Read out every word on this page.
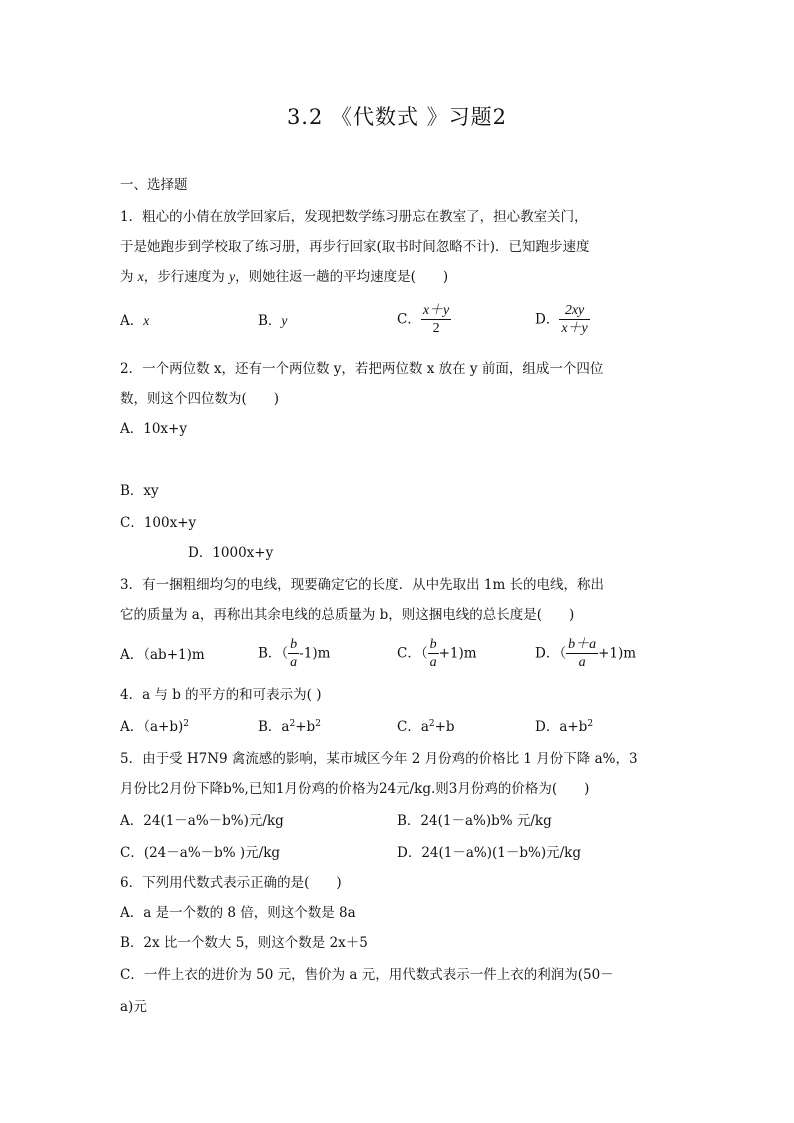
3.2 《代数式 》习题2
一、选择题
1．粗心的小倩在放学回家后，发现把数学练习册忘在教室了，担心教室关门，
于是她跑步到学校取了练习册，再步行回家(取书时间忽略不计)．已知跑步速度
为 x，步行速度为 y，则她往返一趟的平均速度是(　　)
A．x	B．y	C． $\frac{x+y}{2}$	D． $\frac{2xy}{x+y}$
2．一个两位数 x，还有一个两位数 y，若把两位数 x 放在 y 前面，组成一个四位
数，则这个四位数为(　　)
A．10x+y
B．xy
C．100x+y
D．1000x+y
3．有一捆粗细均匀的电线，现要确定它的长度．从中先取出 1m 长的电线，称出
它的质量为 a，再称出其余电线的总质量为 b，则这捆电线的总长度是(　　)
A．（ab+1)m	B．（ $\frac{b}{a} -1)m$	C．（ $\frac{b}{a} +1)m$	D．（ $\frac{b+a}{a} +1)m$
4．a 与 b 的平方的和可表示为( )
A．（a+b)$^2$	B．$a^2+b^2$	C．$a^2+b$	D．$a+b^2$
5．由于受 H7N9 禽流感的影响，某市城区今年 2 月份鸡的价格比 1 月份下降 a%，3
月份比2月份下降b%,已知1月份鸡的价格为24元/kg.则3月份鸡的价格为(　　)
A．24(1－a%－b%)元/kg	B．24(1－a%)b% 元/kg
C．(24－a%－b% )元/kg	D．24(1－a%)(1－b%)元/kg
6．下列用代数式表示正确的是(　　)
A．a 是一个数的 8 倍，则这个数是 8a
B．2x 比一个数大 5，则这个数是 2x＋5
C．一件上衣的进价为 50 元，售价为 a 元，用代数式表示一件上衣的利润为(50－
a)元
